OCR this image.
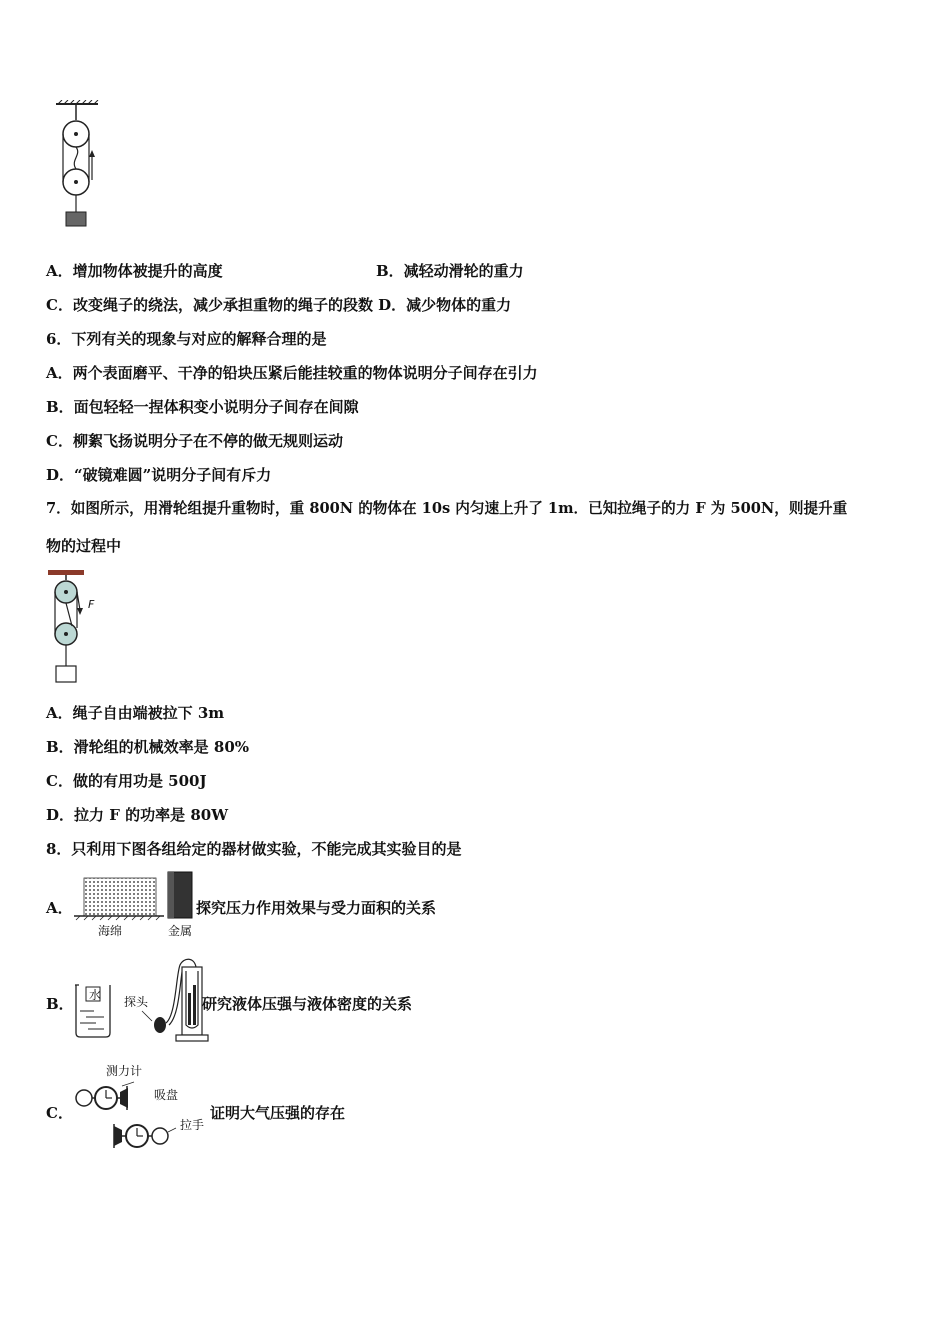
A．增加物体被提升的高度	B．减轻动滑轮的重力
C．改变绳子的绕法，减少承担重物的绳子的段数 D．减少物体的重力
6．下列有关的现象与对应的解释合理的是
A．两个表面磨平、干净的铅块压紧后能挂较重的物体说明分子间存在引力
B．面包轻轻一捏体积变小说明分子间存在间隙
C．柳絮飞扬说明分子在不停的做无规则运动
D．“破镜难圆”说明分子间有斥力
7．如图所示，用滑轮组提升重物时，重 800N 的物体在 10s 内匀速上升了 1m．已知拉绳子的力 F 为 500N，则提升重
物的过程中
F
A．绳子自由端被拉下 3m
B．滑轮组的机械效率是 80%
C．做的有用功是 500J
D．拉力 F 的功率是 80W
8．只利用下图各组给定的器材做实验，不能完成其实验目的是
A．
海绵	金属
探究压力作用效果与受力面积的关系
B． 水 探头	研究液体压强与液体密度的关系
C．
测力计
吸盘
拉手
证明大气压强的存在
